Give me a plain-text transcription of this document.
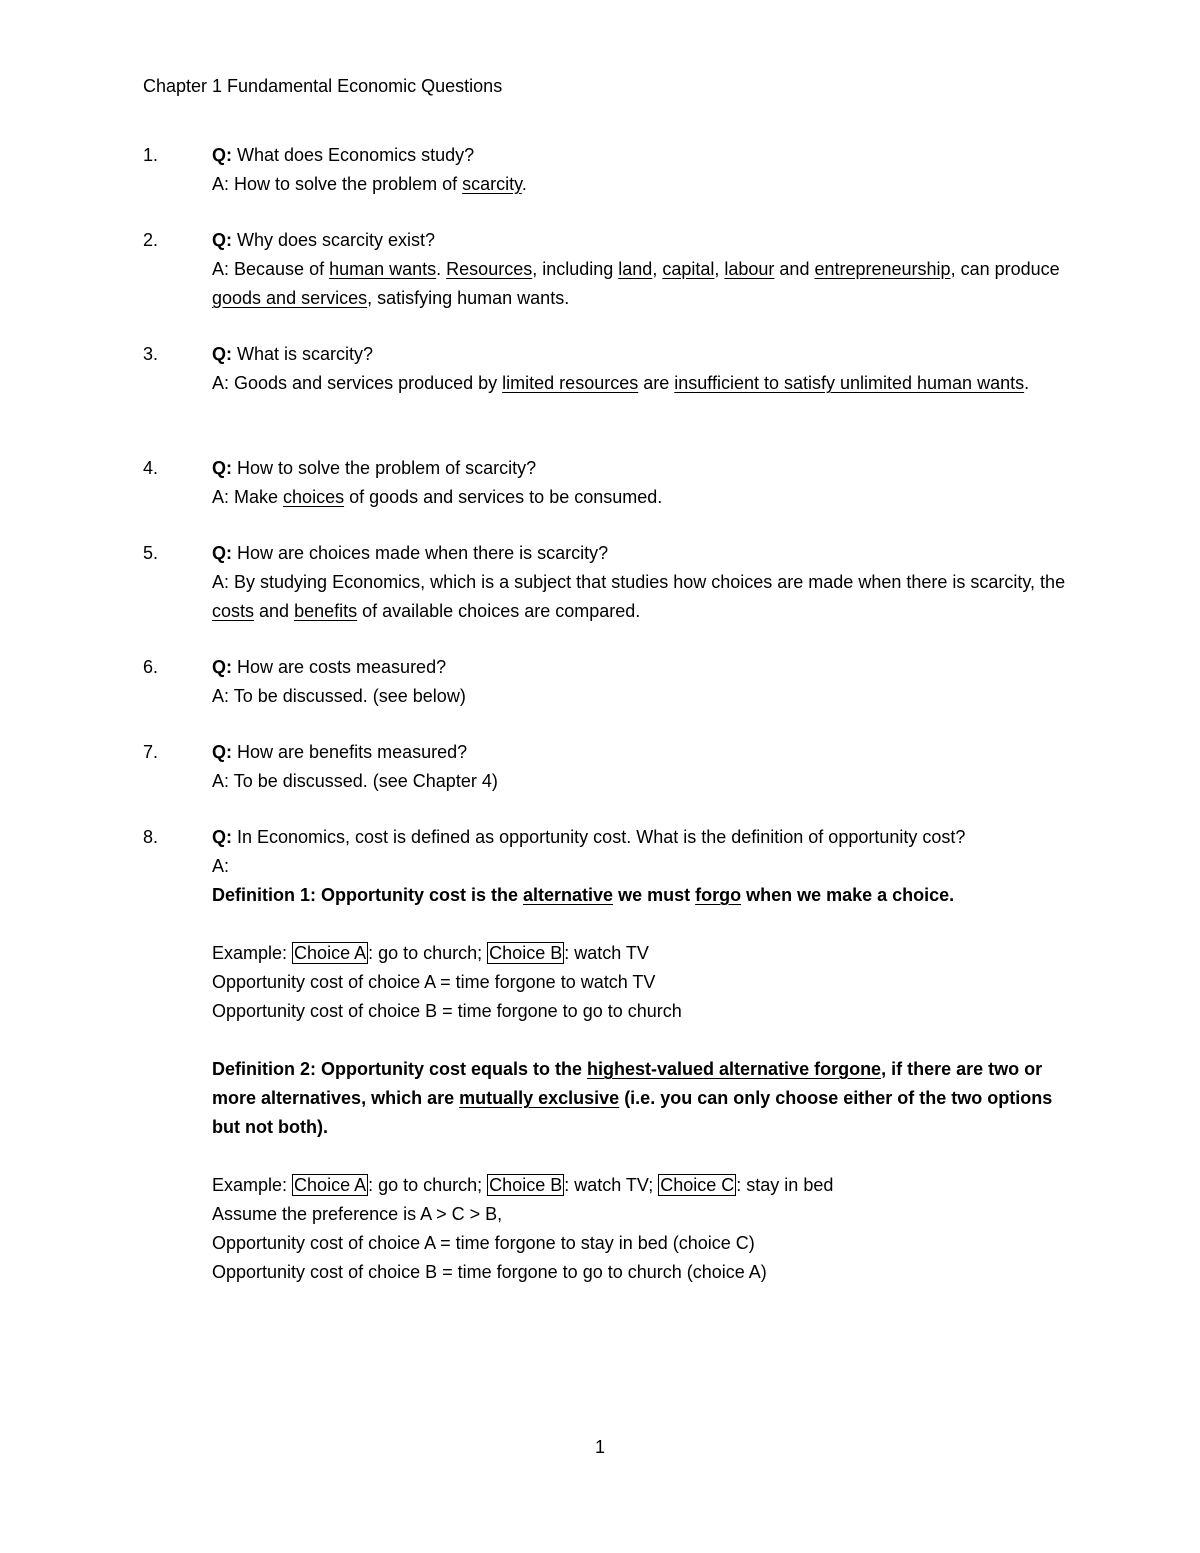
Chapter 1 Fundamental Economic Questions
1.	Q: What does Economics study?

A: How to solve the problem of scarcity.

2.	Q: Why does scarcity exist?

A: Because of human wants. Resources, including land, capital, labour and entrepreneurship, can produce goods and services, satisfying human wants.

3.	Q: What is scarcity?

A: Goods and services produced by limited resources are insufficient to satisfy unlimited human wants.

4.	Q: How to solve the problem of scarcity?

A: Make choices of goods and services to be consumed.

5.	Q: How are choices made when there is scarcity?

A: By studying Economics, which is a subject that studies how choices are made when there is scarcity, the costs and benefits of available choices are compared.

6.	Q: How are costs measured?

A: To be discussed. (see below)

7.	Q: How are benefits measured?

A: To be discussed. (see Chapter 4)

8.	Q: In Economics, cost is defined as opportunity cost. What is the definition of opportunity cost?

A:

Definition 1: Opportunity cost is the alternative we must forgo when we make a choice.

Example: Choice A : go to church; Choice B : watch TV

Opportunity cost of choice A = time forgone to watch TV

Opportunity cost of choice B = time forgone to go to church

Definition 2: Opportunity cost equals to the highest-valued alternative forgone, if there are two or more alternatives, which are mutually exclusive (i.e. you can only choose either of the two options but not both).

Example: Choice A : go to church; Choice B : watch TV; Choice C : stay in bed

Assume the preference is A > C > B,

Opportunity cost of choice A = time forgone to stay in bed (choice C)

Opportunity cost of choice B = time forgone to go to church (choice A)

1
